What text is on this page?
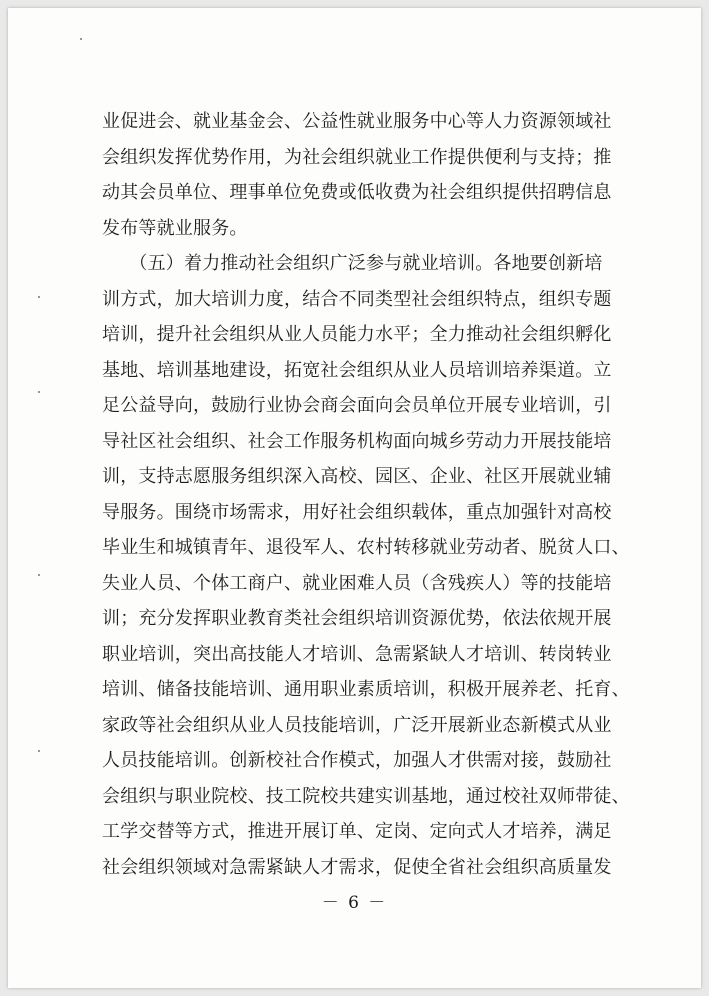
业促进会、就业基金会、公益性就业服务中心等人力资源领域社
会组织发挥优势作用，为社会组织就业工作提供便利与支持；推
动其会员单位、理事单位免费或低收费为社会组织提供招聘信息
发布等就业服务。
　　（五）着力推动社会组织广泛参与就业培训。各地要创新培
训方式，加大培训力度，结合不同类型社会组织特点，组织专题
培训，提升社会组织从业人员能力水平；全力推动社会组织孵化
基地、培训基地建设，拓宽社会组织从业人员培训培养渠道。立
足公益导向，鼓励行业协会商会面向会员单位开展专业培训，引
导社区社会组织、社会工作服务机构面向城乡劳动力开展技能培
训，支持志愿服务组织深入高校、园区、企业、社区开展就业辅
导服务。围绕市场需求，用好社会组织载体，重点加强针对高校
毕业生和城镇青年、退役军人、农村转移就业劳动者、脱贫人口、
失业人员、个体工商户、就业困难人员（含残疾人）等的技能培
训；充分发挥职业教育类社会组织培训资源优势，依法依规开展
职业培训，突出高技能人才培训、急需紧缺人才培训、转岗转业
培训、储备技能培训、通用职业素质培训，积极开展养老、托育、
家政等社会组织从业人员技能培训，广泛开展新业态新模式从业
人员技能培训。创新校社合作模式，加强人才供需对接，鼓励社
会组织与职业院校、技工院校共建实训基地，通过校社双师带徒、
工学交替等方式，推进开展订单、定岗、定向式人才培养，满足
社会组织领域对急需紧缺人才需求，促使全省社会组织高质量发
－ 6 －
